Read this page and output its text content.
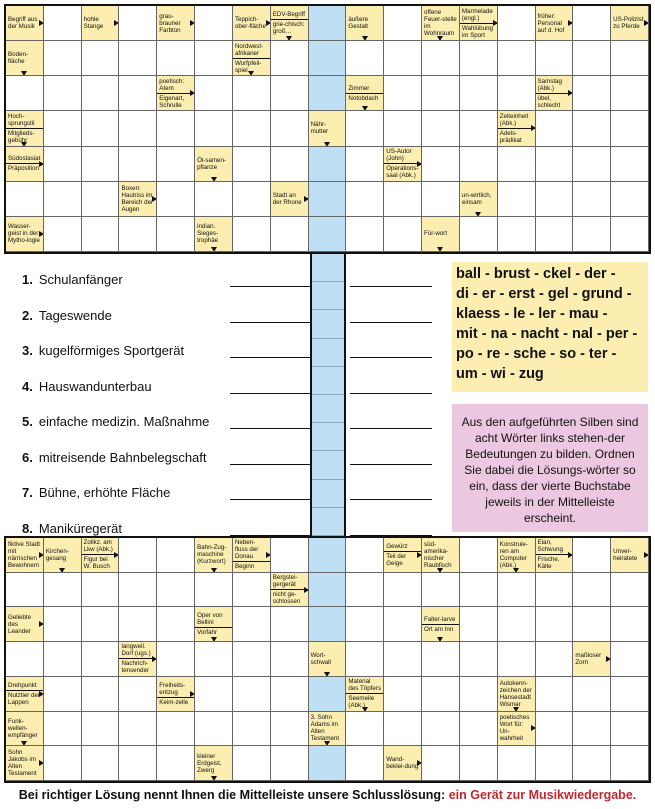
Begriff aus der Musik
hohle Stange
grau-brauner Farbton
Teppich-ober-fläche
EDV-Begriff
grie-chisch: groß…
äußere Gestalt
offene Feuer-stelle im Wohnraum
Marmelade (engl.)
Wahlübung im Sport
früher: Personal auf d. Hof
US-Polizist zu Pferde
Boden-fläche
Nordwest-afrikaner
Wurfpfeil-spiel
poetisch: Atem
Eigenart, Schrulle
Zimmer
Notobdach
Samstag (Abk.)
übel, schlecht
Hoch-sprungstil
Mitglieds-gebühr
Nähr-mutter
Zeiteinheit (Abk.)
Adels-prädikat
Südostasiat
Präposition
Öl-samen-pflanze
US-Autor (John)
Operations-saal (Abk.)
Boxen: Hautriss im Bereich der Augen
Stadt an der Rhone
un-wirtlich, einsam
Wasser-geist in der Mytho-logie
indian. Sieges-trophäe
Für-wort
1. Schulanfänger
2. Tageswende
3. kugelförmiges Sportgerät
4. Hauswandunterbau
5. einfache medizin. Maßnahme
6. mitreisende Bahnbelegschaft
7. Bühne, erhöhte Fläche
8. Maniküregerät
ball - brust - ckel - der -
di - er - erst - gel - grund -
klaess - le - ler - mau -
mit - na - nacht - nal - per -
po - re - sche - so - ter -
um - wi - zug
Aus den aufgeführten Silben sind acht Wörter links stehen-der Bedeutungen zu bilden. Ordnen Sie dabei die Lösungs-wörter so ein, dass der vierte Buchstabe jeweils in der Mittelleiste erscheint.
fiktive Stadt mit närrischen Bewohnern
Kirchen-gesang
Zollkz. am Lkw (Abk.)
Figur bei W. Busch
Bahn-Zug-maschine (Kurzwort)
Neben-fluss der Donau
Beginn
Gewürz
Teil der Geige
süd-amerika-nischer Raubfisch
Konstruie-ren am Computer (Abk.)
Elan, Schwung
Frische, Kälte
Unver-heiratete
Bergstei-gergerät
nicht ge-schlossen
Geliebte des Leander
Oper von Bellini
Vorfahr
Falter-larve
Ort am Inn
langweil. Dorf (ugs.)
Nachrich-tensender
Wort-schwall
maßloser Zorn
Drehpunkt
Nutztier der Lappen
Freiheits-entzug
Keim-zelle
Material des Töpfers
Seemeile (Abk.)
Autokenn-zeichen der Hansestadt Wismar
Funk-wellen-empfänger
3. Sohn Adams im Alten Testament
poetisches Wort für: Un-wahrheit
Sohn Jakobs im Alten Testament
kleiner Erdgeist, Zwerg
Wand-beklei-dung
Bei richtiger Lösung nennt Ihnen die Mittelleiste unsere Schlusslösung: ein Gerät zur Musikwiedergabe.
